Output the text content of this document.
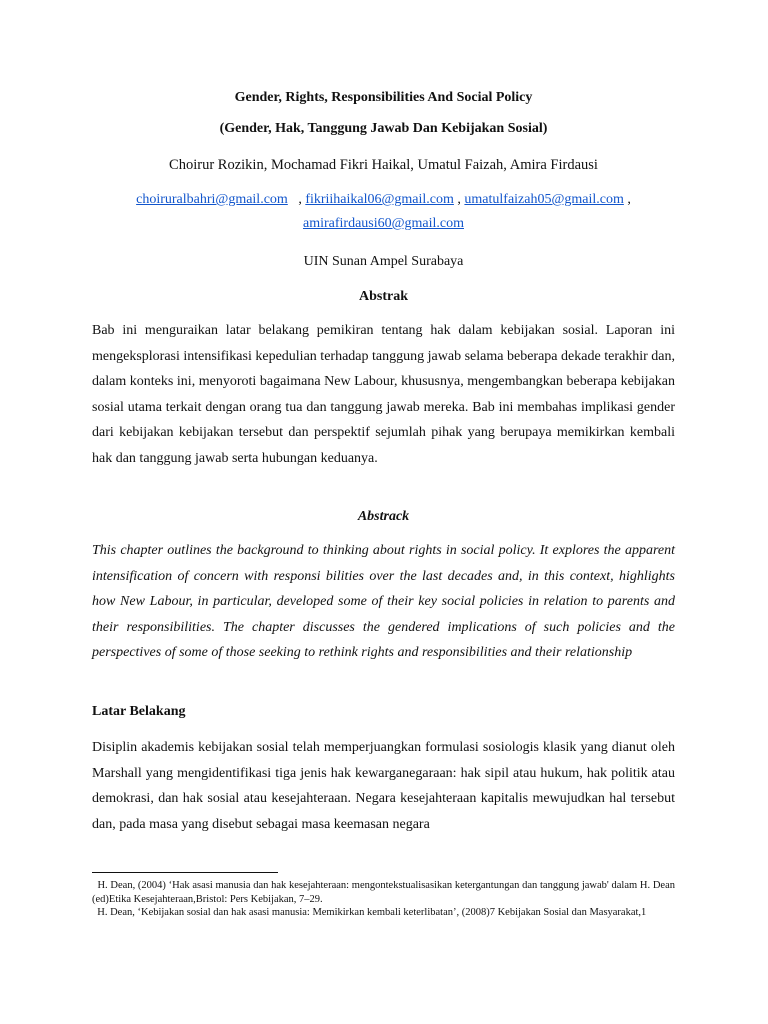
Gender, Rights, Responsibilities And Social Policy
(Gender, Hak, Tanggung Jawab Dan Kebijakan Sosial)
Choirur Rozikin, Mochamad Fikri Haikal, Umatul Faizah, Amira Firdausi
choiruralbahri@gmail.com , fikriihaikal06@gmail.com , umatulfaizah05@gmail.com ,
amirafirdausi60@gmail.com
UIN Sunan Ampel Surabaya
Abstrak
Bab ini menguraikan latar belakang pemikiran tentang hak dalam kebijakan sosial. Laporan ini mengeksplorasi intensifikasi kepedulian terhadap tanggung jawab selama beberapa dekade terakhir dan, dalam konteks ini, menyoroti bagaimana New Labour, khususnya, mengembangkan beberapa kebijakan sosial utama terkait dengan orang tua dan tanggung jawab mereka. Bab ini membahas implikasi gender dari kebijakan kebijakan tersebut dan perspektif sejumlah pihak yang berupaya memikirkan kembali hak dan tanggung jawab serta hubungan keduanya.
Abstrack
This chapter outlines the background to thinking about rights in social policy. It explores the apparent intensification of concern with responsi bilities over the last decades and, in this context, highlights how New Labour, in particular, developed some of their key social policies in relation to parents and their responsibilities. The chapter discusses the gendered implications of such policies and the perspectives of some of those seeking to rethink rights and responsibilities and their relationship
Latar Belakang
Disiplin akademis kebijakan sosial telah memperjuangkan formulasi sosiologis klasik yang dianut oleh Marshall yang mengidentifikasi tiga jenis hak kewarganegaraan: hak sipil atau hukum, hak politik atau demokrasi, dan hak sosial atau kesejahteraan. Negara kesejahteraan kapitalis mewujudkan hal tersebut dan, pada masa yang disebut sebagai masa keemasan negara
H. Dean, (2004) ‘Hak asasi manusia dan hak kesejahteraan: mengontekstualisasikan ketergantungan dan tanggung jawab' dalam H. Dean (ed)Etika Kesejahteraan,Bristol: Pers Kebijakan, 7–29.
H. Dean, ‘Kebijakan sosial dan hak asasi manusia: Memikirkan kembali keterlibatan’, (2008)7 Kebijakan Sosial dan Masyarakat,1
